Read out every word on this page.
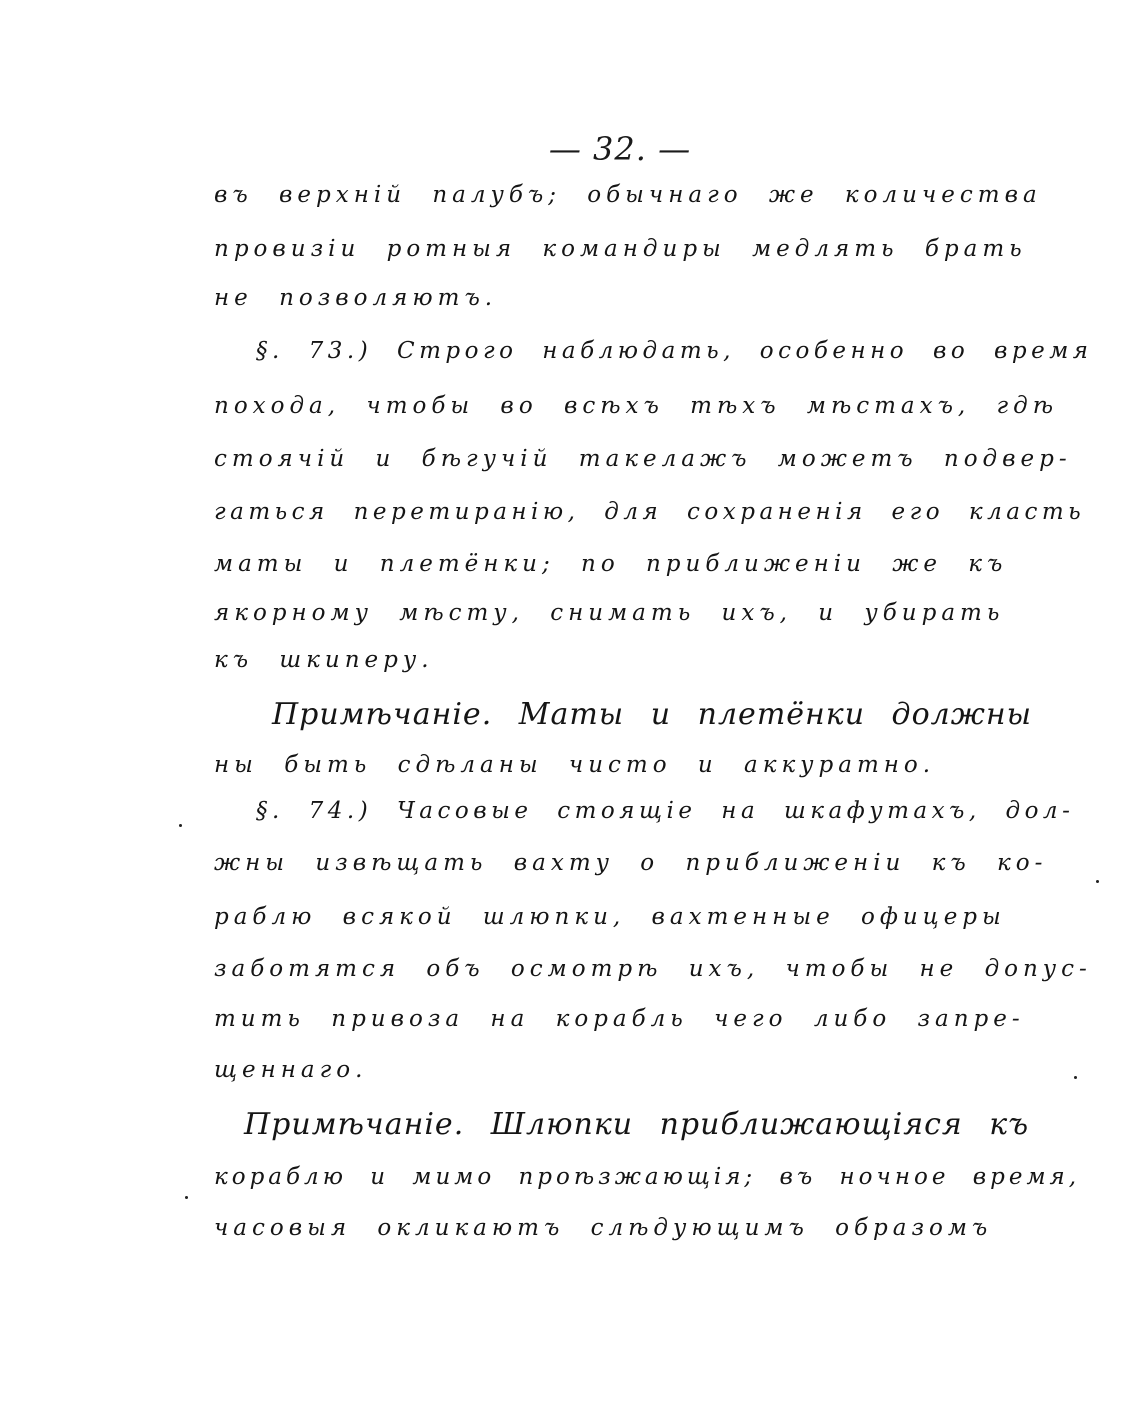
— 32. —
въ верхній палубъ; обычнаго же количества
провизіи ротныя командиры медлять брать
не позволяютъ.
§. 73.) Строго наблюдать, особенно во время
похода, чтобы во всѣхъ тѣхъ мѣстахъ, гдѣ
стоячій и бѣгучій такелажъ можетъ подвер-
гаться перетиранію, для сохраненія его класть
маты и плетёнки; по приближеніи же къ
якорному мѣсту, снимать ихъ, и убирать
къ шкиперу.
Примѣчаніе. Маты и плетёнки должны
ны быть сдѣланы чисто и аккуратно.
§. 74.) Часовые стоящіе на шкафутахъ, дол-
жны извѣщать вахту о приближеніи къ ко-
раблю всякой шлюпки, вахтенные офицеры
заботятся объ осмотрѣ ихъ, чтобы не допус-
тить привоза на корабль чего либо запре-
щеннаго.
Примѣчаніе. Шлюпки приближающіяся къ
кораблю и мимо проѣзжающія; въ ночное время,
часовыя окликаютъ слѣдующимъ образомъ
